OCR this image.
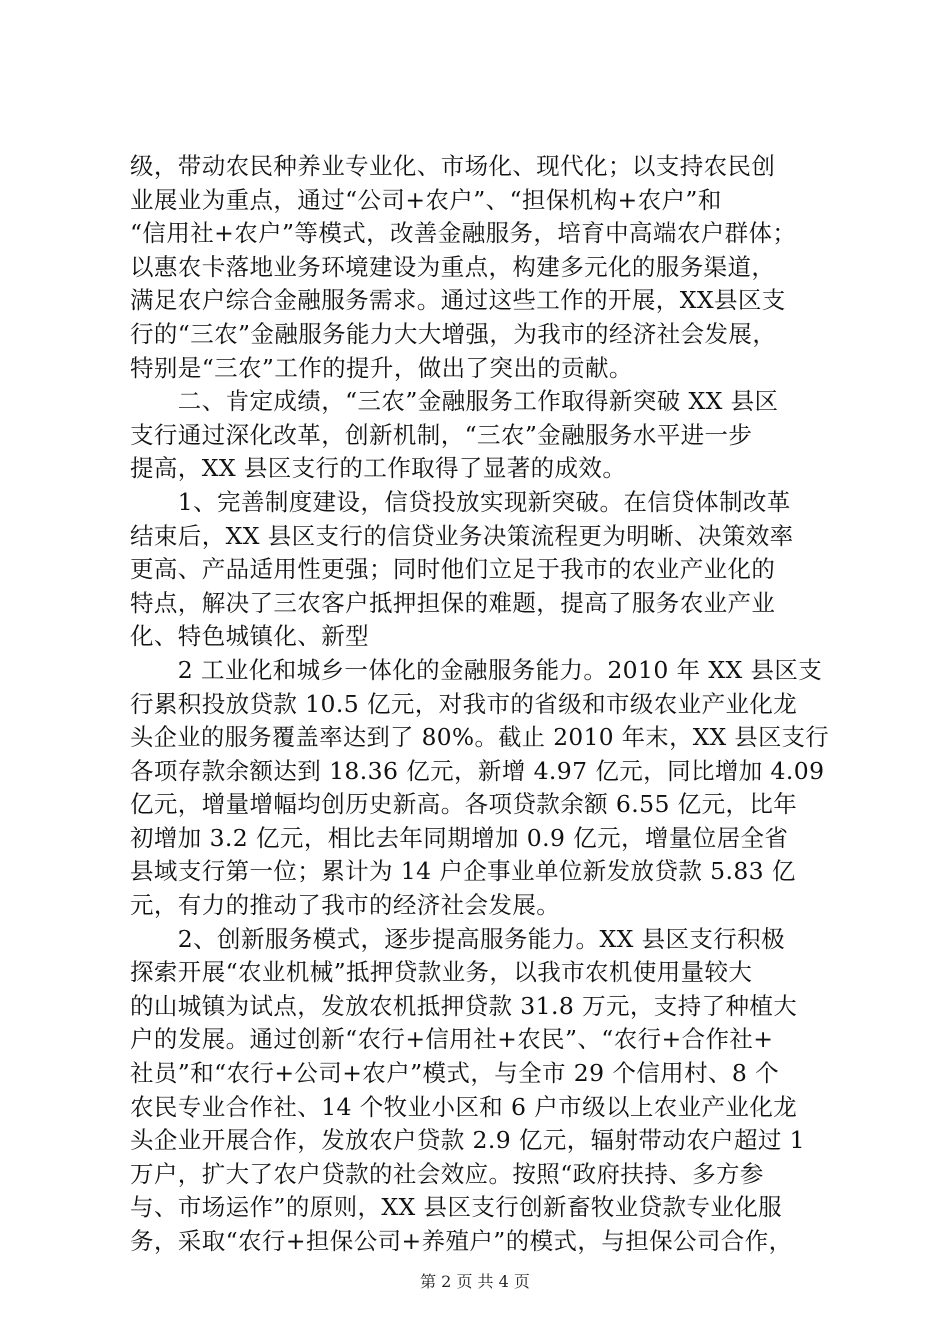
级，带动农民种养业专业化、市场化、现代化；以支持农民创
业展业为重点，通过“公司+农户”、“担保机构+农户”和
“信用社+农户”等模式，改善金融服务，培育中高端农户群体；
以惠农卡落地业务环境建设为重点，构建多元化的服务渠道，
满足农户综合金融服务需求。通过这些工作的开展，XX县区支
行的“三农”金融服务能力大大增强，为我市的经济社会发展，
特别是“三农”工作的提升，做出了突出的贡献。
　　二、肯定成绩，“三农”金融服务工作取得新突破 XX 县区
支行通过深化改革，创新机制，“三农”金融服务水平进一步
提高，XX 县区支行的工作取得了显著的成效。
　　1、完善制度建设，信贷投放实现新突破。在信贷体制改革
结束后，XX 县区支行的信贷业务决策流程更为明晰、决策效率
更高、产品适用性更强；同时他们立足于我市的农业产业化的
特点，解决了三农客户抵押担保的难题，提高了服务农业产业
化、特色城镇化、新型
　　2 工业化和城乡一体化的金融服务能力。2010 年 XX 县区支
行累积投放贷款 10.5 亿元，对我市的省级和市级农业产业化龙
头企业的服务覆盖率达到了 80%。截止 2010 年末，XX 县区支行
各项存款余额达到 18.36 亿元，新增 4.97 亿元，同比增加 4.09
亿元，增量增幅均创历史新高。各项贷款余额 6.55 亿元，比年
初增加 3.2 亿元，相比去年同期增加 0.9 亿元，增量位居全省
县域支行第一位；累计为 14 户企事业单位新发放贷款 5.83 亿
元，有力的推动了我市的经济社会发展。
　　2、创新服务模式，逐步提高服务能力。XX 县区支行积极
探索开展“农业机械”抵押贷款业务，以我市农机使用量较大
的山城镇为试点，发放农机抵押贷款 31.8 万元，支持了种植大
户的发展。通过创新“农行+信用社+农民”、“农行+合作社+
社员”和“农行+公司+农户”模式，与全市 29 个信用村、8 个
农民专业合作社、14 个牧业小区和 6 户市级以上农业产业化龙
头企业开展合作，发放农户贷款 2.9 亿元，辐射带动农户超过 1
万户，扩大了农户贷款的社会效应。按照“政府扶持、多方参
与、市场运作”的原则，XX 县区支行创新畜牧业贷款专业化服
务，采取“农行+担保公司+养殖户”的模式，与担保公司合作，
第 2 页 共 4 页
